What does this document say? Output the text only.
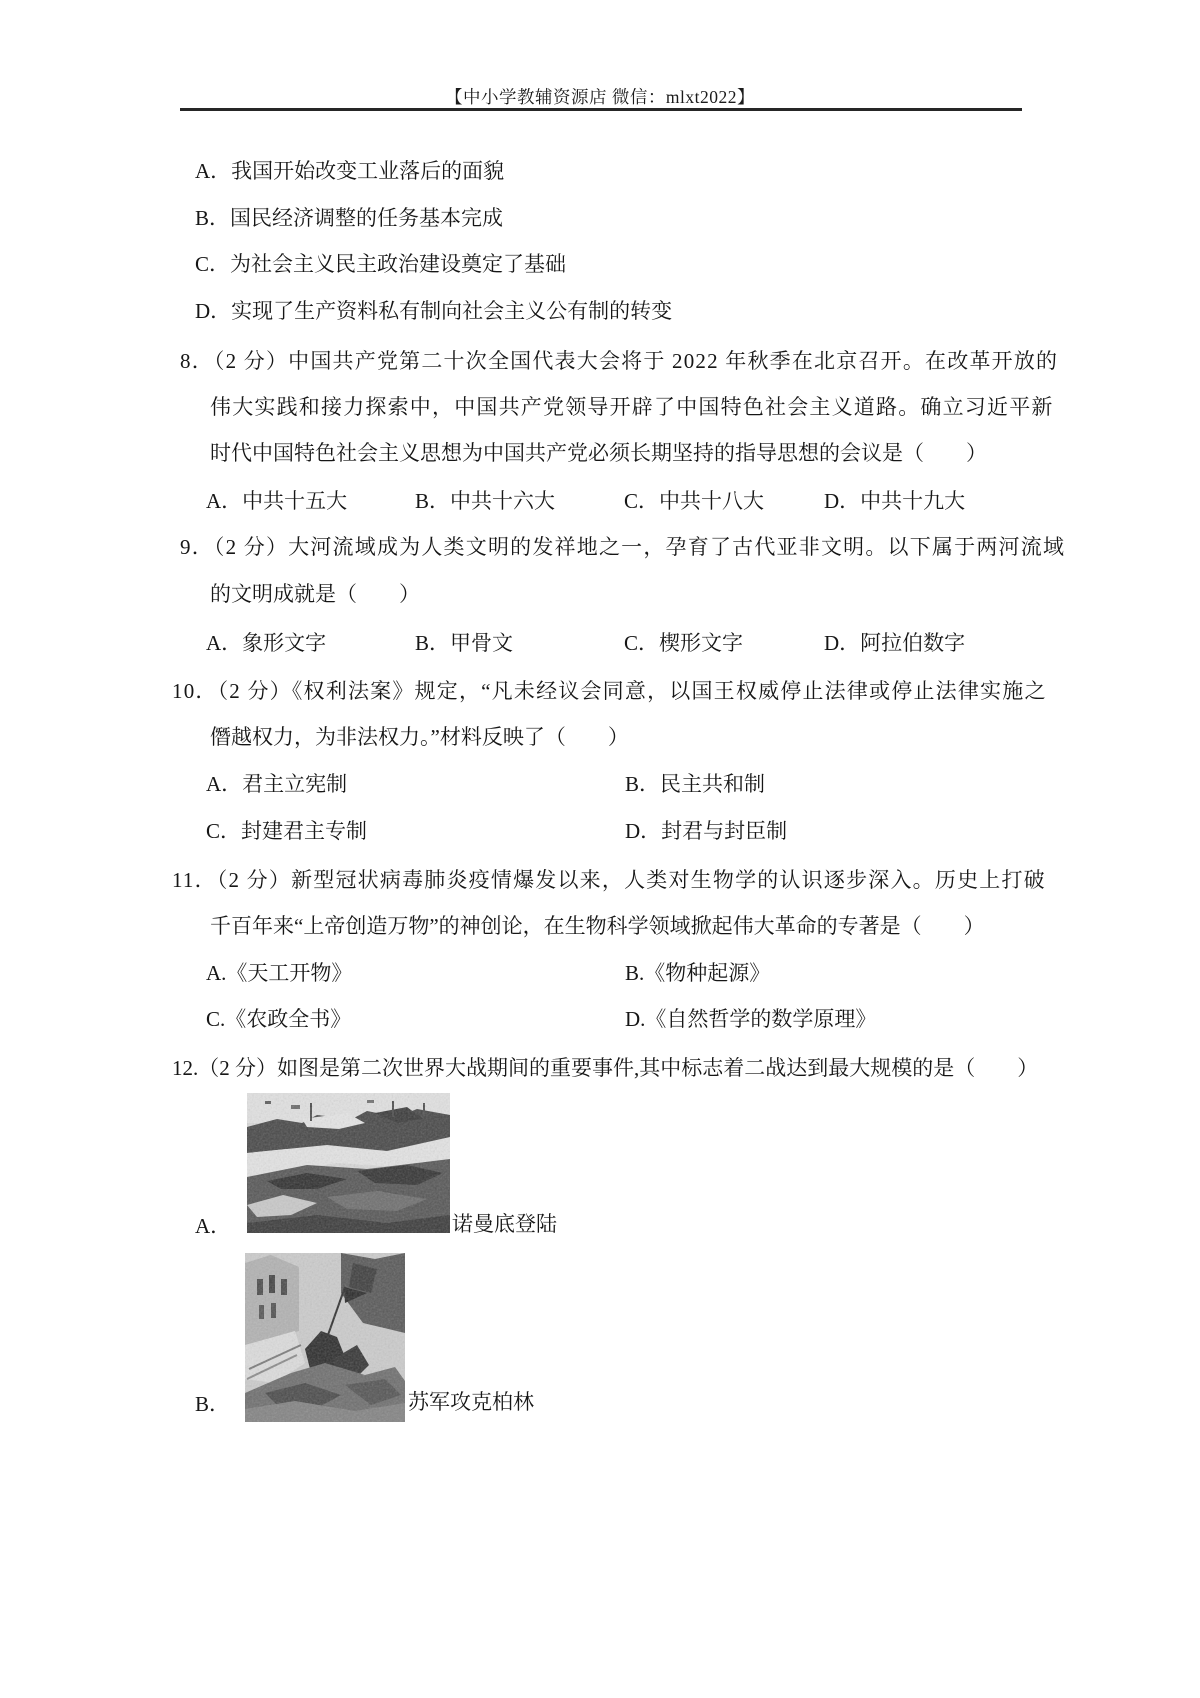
【中小学教辅资源店 微信：mlxt2022】
A．我国开始改变工业落后的面貌
B．国民经济调整的任务基本完成
C．为社会主义民主政治建设奠定了基础
D．实现了生产资料私有制向社会主义公有制的转变
8．（2 分）中国共产党第二十次全国代表大会将于 2022 年秋季在北京召开。在改革开放的
伟大实践和接力探索中，中国共产党领导开辟了中国特色社会主义道路。确立习近平新
时代中国特色社会主义思想为中国共产党必须长期坚持的指导思想的会议是（　　）
A．中共十五大	B．中共十六大	C．中共十八大	D．中共十九大
9．（2 分）大河流域成为人类文明的发祥地之一，孕育了古代亚非文明。以下属于两河流域
的文明成就是（　　）
A．象形文字	B．甲骨文	C．楔形文字	D．阿拉伯数字
10．（2 分）《权利法案》规定，“凡未经议会同意，以国王权威停止法律或停止法律实施之
僭越权力，为非法权力。”材料反映了（　　）
A．君主立宪制	B．民主共和制
C．封建君主专制	D．封君与封臣制
11．（2 分）新型冠状病毒肺炎疫情爆发以来，人类对生物学的认识逐步深入。历史上打破
千百年来“上帝创造万物”的神创论，在生物科学领域掀起伟大革命的专著是（　　）
A.《天工开物》	B.《物种起源》
C.《农政全书》	D.《自然哲学的数学原理》
12.（2 分）如图是第二次世界大战期间的重要事件,其中标志着二战达到最大规模的是（　　）
A．	诺曼底登陆
B．	苏军攻克柏林
